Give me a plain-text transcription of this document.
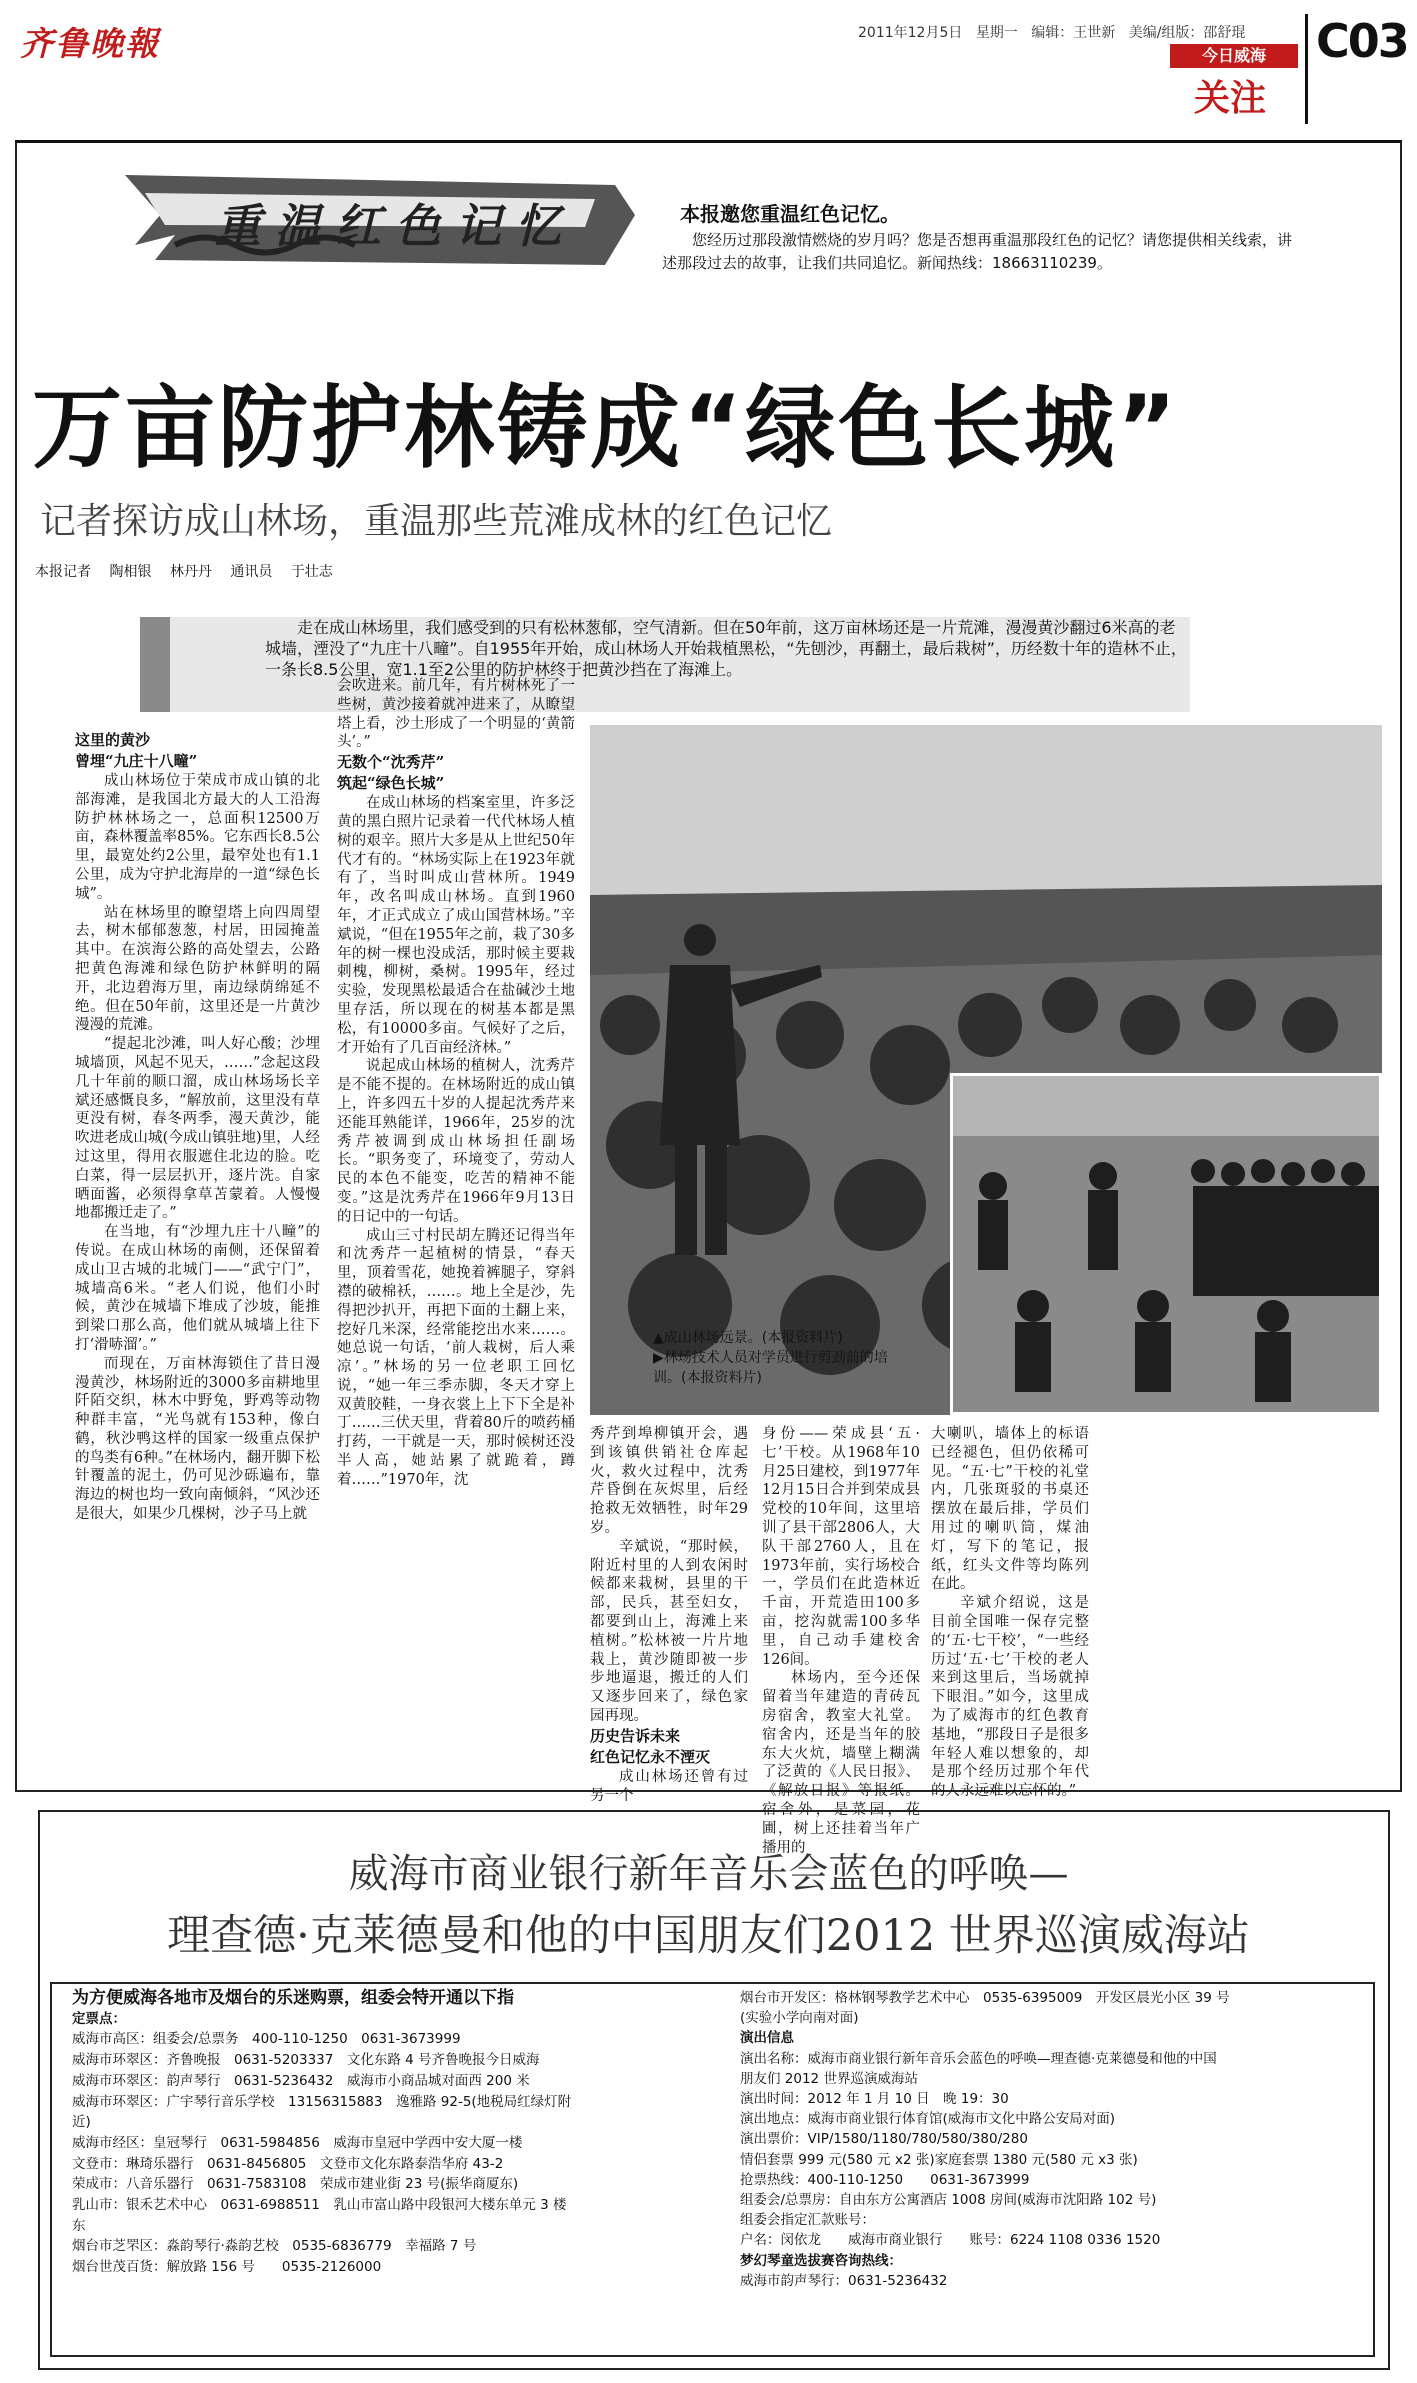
齐鲁晚報	2011年12月5日 星期一 编辑：王世新 美编/组版：邵舒琨
今日威海
关注
C03
重温红色记忆	本报邀您重温红色记忆。
您经历过那段激情燃烧的岁月吗？您是否想再重温那段红色的记忆？请您提供相关线索，讲述那段过去的故事，让我们共同追忆。新闻热线：18663110239。
万亩防护林铸成“绿色长城”
记者探访成山林场，重温那些荒滩成林的红色记忆
本报记者 陶相银 林丹丹 通讯员 于壮志
走在成山林场里，我们感受到的只有松林葱郁，空气清新。但在50年前，这万亩林场还是一片荒滩，漫漫黄沙翻过6米高的老城墙，湮没了“九庄十八疃”。自1955年开始，成山林场人开始栽植黑松，“先刨沙，再翻土，最后栽树”，历经数十年的造林不止，一条长8.5公里，宽1.1至2公里的防护林终于把黄沙挡在了海滩上。
▲成山林场远景。(本报资料片)
▶林场技术人员对学员进行剪劲前的培训。(本报资料片)
这里的黄沙
曾埋“九庄十八疃”

成山林场位于荣成市成山镇的北部海滩，是我国北方最大的人工沿海防护林林场之一，总面积12500万亩，森林覆盖率85%。它东西长8.5公里，最宽处约2公里，最窄处也有1.1公里，成为守护北海岸的一道“绿色长城”。

站在林场里的瞭望塔上向四周望去，树木郁郁葱葱，村居，田园掩盖其中。在滨海公路的高处望去，公路把黄色海滩和绿色防护林鲜明的隔开，北边碧海万里，南边绿荫绵延不绝。但在50年前，这里还是一片黄沙漫漫的荒滩。

“提起北沙滩，叫人好心酸；沙埋城墙顶，风起不见天，……”念起这段几十年前的顺口溜，成山林场场长辛斌还感慨良多，“解放前，这里没有草更没有树，春冬两季，漫天黄沙，能吹进老成山城(今成山镇驻地)里，人经过这里，得用衣服遮住北边的脸。吃白菜，得一层层扒开，逐片洗。自家晒面酱，必须得拿草苫蒙着。人慢慢地都搬迁走了。”

在当地，有“沙埋九庄十八疃”的传说。在成山林场的南侧，还保留着成山卫古城的北城门——“武宁门”，城墙高6米。“老人们说，他们小时候，黄沙在城墙下堆成了沙坡，能推到梁口那么高，他们就从城墙上往下打‘滑哧溜’。”

而现在，万亩林海锁住了昔日漫漫黄沙，林场附近的3000多亩耕地里阡陌交织，林木中野兔，野鸡等动物种群丰富，“光鸟就有153种，像白鹤，秋沙鸭这样的国家一级重点保护的鸟类有6种。”在林场内，翻开脚下松针覆盖的泥土，仍可见沙砾遍布，靠海边的树也均一致向南倾斜，“风沙还是很大，如果少几棵树，沙子马上就

会吹进来。前几年，有片树林死了一些树，黄沙接着就冲进来了，从瞭望塔上看，沙土形成了一个明显的‘黄箭头’。”
无数个“沈秀芹”
筑起“绿色长城”

在成山林场的档案室里，许多泛黄的黑白照片记录着一代代林场人植树的艰辛。照片大多是从上世纪50年代才有的。“林场实际上在1923年就有了，当时叫成山营林所。1949年，改名叫成山林场。直到1960年，才正式成立了成山国营林场。”辛斌说，“但在1955年之前，栽了30多年的树一棵也没成活，那时候主要栽刺槐，柳树，桑树。1995年，经过实验，发现黑松最适合在盐碱沙土地里存活，所以现在的树基本都是黑松，有10000多亩。气候好了之后，才开始有了几百亩经济林。”

说起成山林场的植树人，沈秀芹是不能不提的。在林场附近的成山镇上，许多四五十岁的人提起沈秀芹来还能耳熟能详，1966年，25岁的沈秀芹被调到成山林场担任副场长。“职务变了，环境变了，劳动人民的本色不能变，吃苦的精神不能变。”这是沈秀芹在1966年9月13日的日记中的一句话。

成山三寸村民胡左腾还记得当年和沈秀芹一起植树的情景，“春天里，顶着雪花，她挽着裤腿子，穿斜襟的破棉袄，……。地上全是沙，先得把沙扒开，再把下面的土翻上来，挖好几米深，经常能挖出水来……。她总说一句话，‘前人栽树，后人乘凉’。”林场的另一位老职工回忆说，“她一年三季赤脚，冬天才穿上双黄胶鞋，一身衣裳上上下下全是补丁……三伏天里，背着80斤的喷药桶打药，一干就是一天，那时候树还没半人高，她站累了就跪着，蹲着……”1970年，沈

秀芹到埠柳镇开会，遇到该镇供销社仓库起火，救火过程中，沈秀芹昏倒在灰烬里，后经抢救无效牺牲，时年29岁。

辛斌说，“那时候，附近村里的人到农闲时候都来栽树，县里的干部，民兵，甚至妇女，都要到山上，海滩上来植树。”松林被一片片地栽上，黄沙随即被一步步地逼退，搬迁的人们又逐步回来了，绿色家园再现。

历史告诉未来
红色记忆永不湮灭

成山林场还曾有过另一个

身份——荣成县‘五·七’干校。从1968年10月25日建校，到1977年12月15日合并到荣成县党校的10年间，这里培训了县干部2806人，大队干部2760人，且在1973年前，实行场校合一，学员们在此造林近千亩，开荒造田100多亩，挖沟就需100多华里，自己动手建校舍126间。

林场内，至今还保留着当年建造的青砖瓦房宿舍，教室大礼堂。宿舍内，还是当年的胶东大火炕，墙壁上糊满了泛黄的《人民日报》、《解放日报》等报纸。宿舍外，是菜园，花圃，树上还挂着当年广播用的

大喇叭，墙体上的标语已经褪色，但仍依稀可见。“五·七”干校的礼堂内，几张斑驳的书桌还摆放在最后排，学员们用过的喇叭筒，煤油灯，写下的笔记，报纸，红头文件等均陈列在此。

辛斌介绍说，这是目前全国唯一保存完整的‘五·七干校’，“一些经历过‘五·七’干校的老人来到这里后，当场就掉下眼泪。”如今，这里成为了威海市的红色教育基地，“那段日子是很多年轻人难以想象的，却是那个经历过那个年代的人永远难以忘怀的。”

威海市商业银行新年音乐会蓝色的呼唤—
理查德·克莱德曼和他的中国朋友们2012 世界巡演威海站
为方便威海各地市及烟台的乐迷购票，组委会特开通以下指
定票点：
威海市高区：组委会/总票务　400-110-1250　0631-3673999
威海市环翠区：齐鲁晚报　0631-5203337　文化东路 4 号齐鲁晚报今日威海
威海市环翠区：韵声琴行　0631-5236432　威海市小商品城对面西 200 米
威海市环翠区：广宇琴行音乐学校　13156315883　逸雅路 92-5(地税局红绿灯附
近)
威海市经区：皇冠琴行　0631-5984856　威海市皇冠中学西中安大厦一楼
文登市：琳琦乐器行　0631-8456805　文登市文化东路泰浩华府 43-2
荣成市：八音乐器行　0631-7583108　荣成市建业街 23 号(振华商厦东)
乳山市：银禾艺术中心　0631-6988511　乳山市富山路中段银河大楼东单元 3 楼
东
烟台市芝罘区：淼韵琴行·淼韵艺校　0535-6836779　幸福路 7 号
烟台世茂百货：解放路 156 号　　0535-2126000
烟台市开发区：格林钢琴教学艺术中心　0535-6395009　开发区晨光小区 39 号
(实验小学向南对面)
演出信息
演出名称：威海市商业银行新年音乐会蓝色的呼唤—理查德·克莱德曼和他的中国
朋友们 2012 世界巡演威海站
演出时间：2012 年 1 月 10 日　晚 19：30
演出地点：威海市商业银行体育馆(威海市文化中路公安局对面)
演出票价：VIP/1580/1180/780/580/380/280
情侣套票 999 元(580 元 x2 张)家庭套票 1380 元(580 元 x3 张)
抢票热线：400-110-1250　　0631-3673999
组委会/总票房：自由东方公寓酒店 1008 房间(威海市沈阳路 102 号)
组委会指定汇款账号：
户名：闵依龙　　威海市商业银行　　账号：6224 1108 0336 1520
梦幻琴童选拔赛咨询热线：
威海市韵声琴行：0631-5236432
